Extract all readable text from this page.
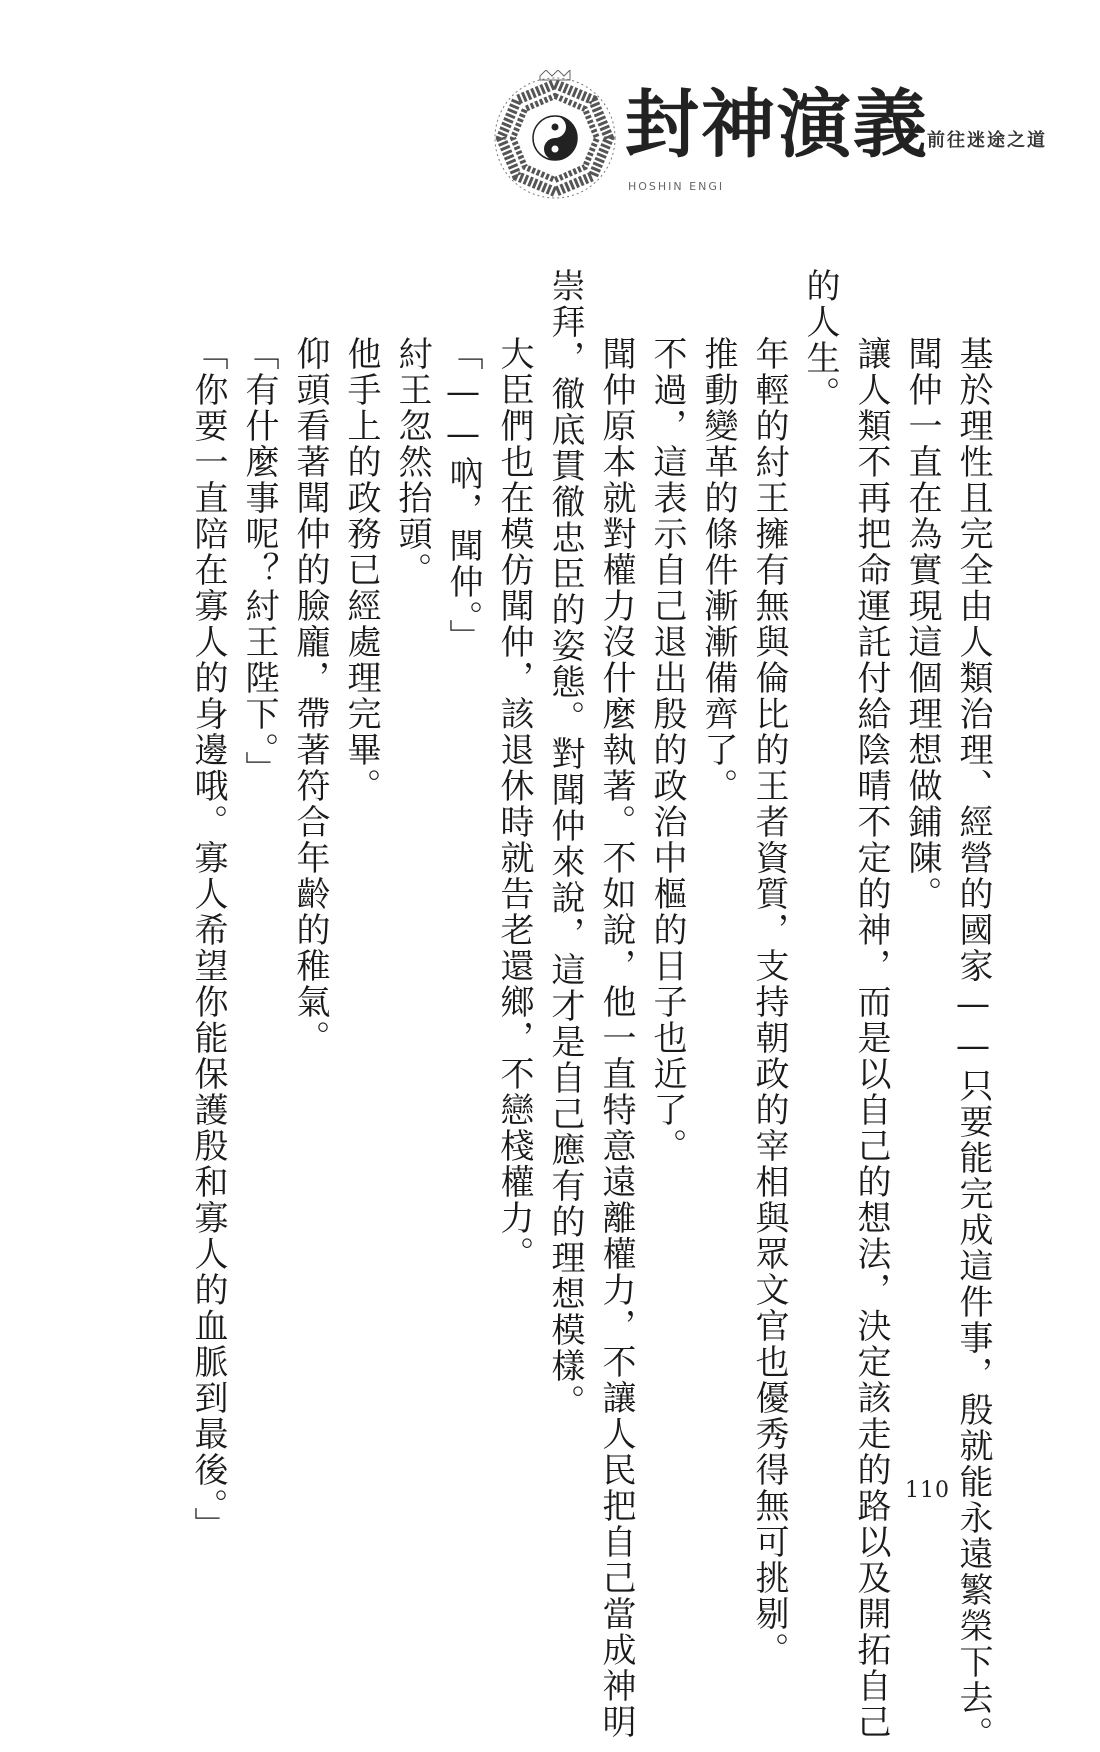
封神演義
HOSHIN ENGI
前往迷途之道
基於理性且完全由人類治理、經營的國家——只要能完成這件事，殷就能永遠繁榮下去。
聞仲一直在為實現這個理想做鋪陳。
讓人類不再把命運託付給陰晴不定的神，而是以自己的想法，決定該走的路以及開拓自己
的人生。
年輕的紂王擁有無與倫比的王者資質，支持朝政的宰相與眾文官也優秀得無可挑剔。
推動變革的條件漸漸備齊了。
不過，這表示自己退出殷的政治中樞的日子也近了。
聞仲原本就對權力沒什麼執著。不如說，他一直特意遠離權力，不讓人民把自己當成神明
崇拜，徹底貫徹忠臣的姿態。對聞仲來說，這才是自己應有的理想模樣。
大臣們也在模仿聞仲，該退休時就告老還鄉，不戀棧權力。
「——吶，聞仲。」
紂王忽然抬頭。
他手上的政務已經處理完畢。
仰頭看著聞仲的臉龐，帶著符合年齡的稚氣。
「有什麼事呢？紂王陛下。」
「你要一直陪在寡人的身邊哦。寡人希望你能保護殷和寡人的血脈到最後。」	110
